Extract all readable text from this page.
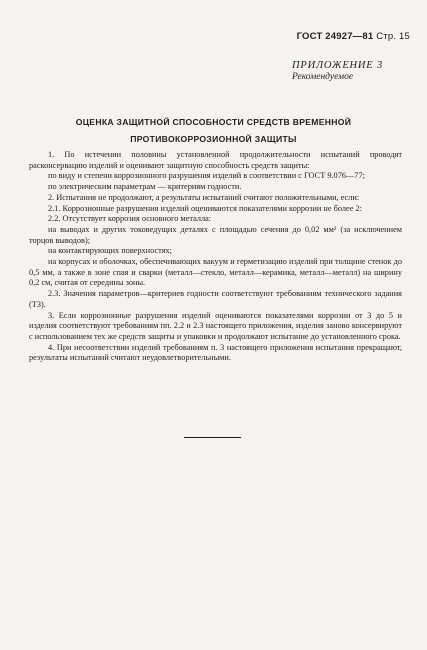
ГОСТ 24927—81 Стр. 15
ПРИЛОЖЕНИЕ 3
Рекомендуемое
ОЦЕНКА ЗАЩИТНОЙ СПОСОБНОСТИ СРЕДСТВ ВРЕМЕННОЙ
ПРОТИВОКОРРОЗИОННОЙ ЗАЩИТЫ

1. По истечении половины установленной продолжительности испытаний проводят расконсервацию изделий и оценивают защитную способность средств защиты:

по виду и степени коррозионного разрушения изделий в соответствии с ГОСТ 9.076—77;

по электрическим параметрам — критериям годности.

2. Испытания не продолжают, а результаты испытаний считают положительными, если:

2.1. Коррозионные разрушения изделий оцениваются показателями коррозии не более 2:

2.2. Отсутствует коррозия основного металла:

на выводах и других токоведущих деталях с площадью сечения до 0,02 мм² (за исключением торцов выводов);

на контактирующих поверхностях;

на корпусах и оболочках, обеспечивающих вакуум и герметизацию изделий при толщине стенок до 0,5 мм, а также в зоне спая и сварки (металл—стекло, металл—керамика, металл—металл) на ширину 0,2 см, считая от середины зоны.

2.3. Значения параметров—критериев годности соответствуют требованиям технического задания (ТЗ).

3. Если коррозионные разрушения изделий оцениваются показателями коррозии от 3 до 5 и изделия соответствуют требованиям пп. 2.2 и 2.3 настоящего приложения, изделия заново консервируют с использованием тех же средств защиты и упаковки и продолжают испытание до установленного срока.

4. При несоответствии изделий требованиям п. 3 настоящего приложения испытания прекращают, результаты испытаний считают неудовлетворительными.
